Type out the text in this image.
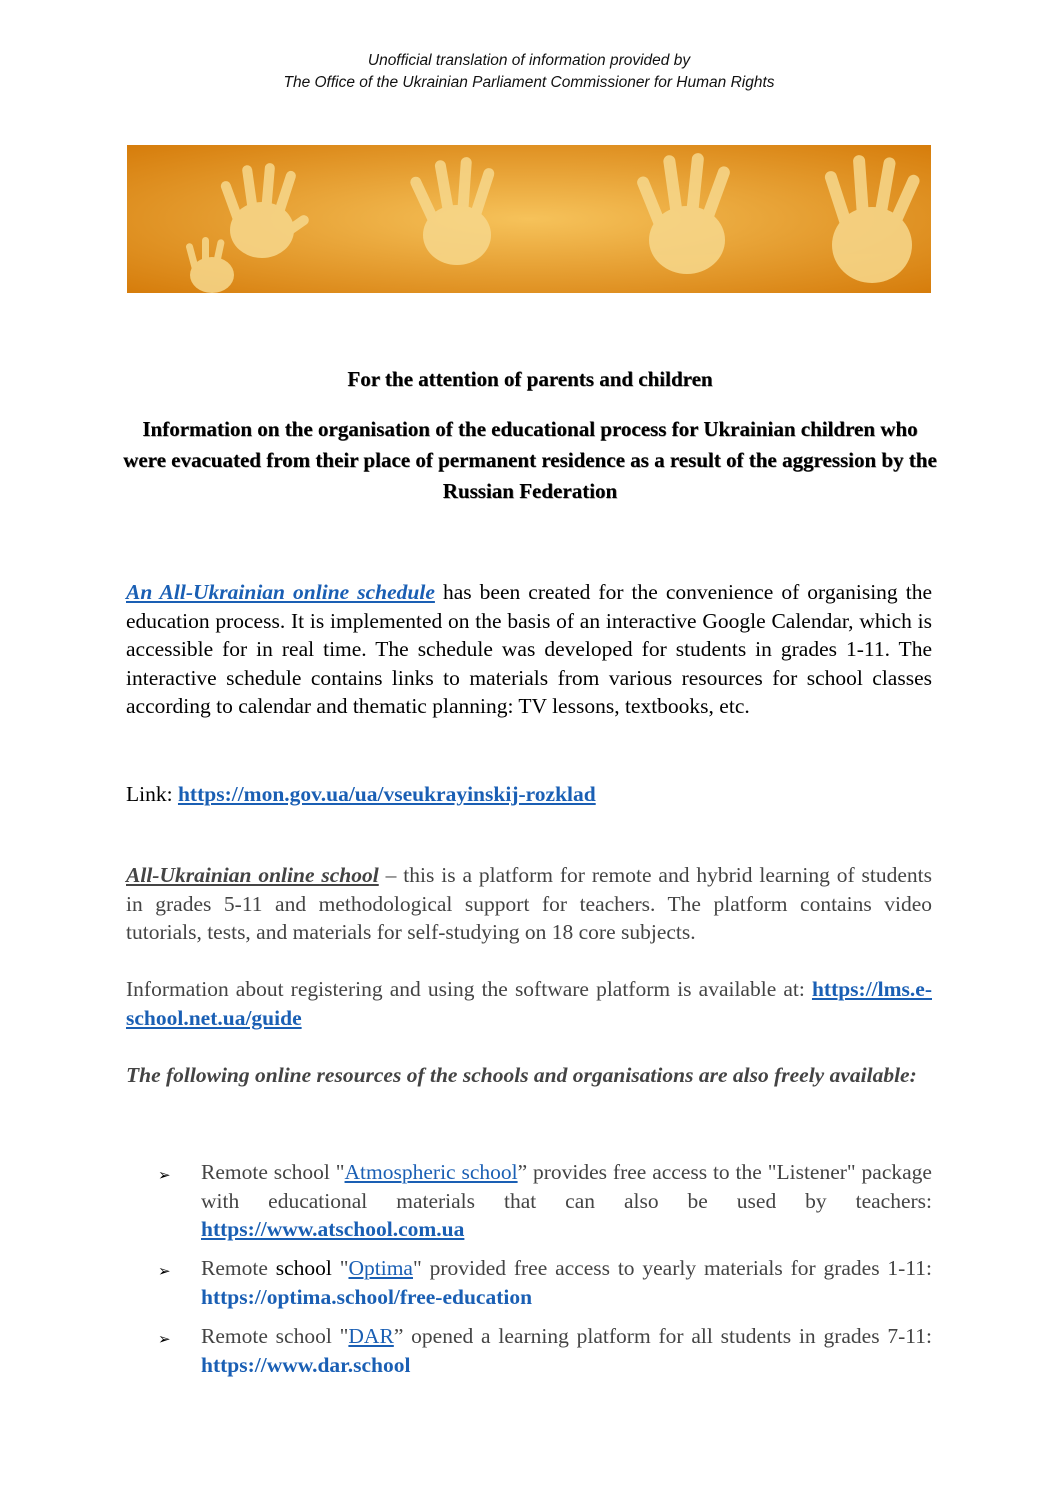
Unofficial translation of information provided by
The Office of the Ukrainian Parliament Commissioner for Human Rights
For the attention of parents and children
Information on the organisation of the educational process for Ukrainian children who were evacuated from their place of permanent residence as a result of the aggression by the Russian Federation
An All-Ukrainian online schedule has been created for the convenience of organising the education process. It is implemented on the basis of an interactive Google Calendar, which is accessible for in real time. The schedule was developed for students in grades 1-11. The interactive schedule contains links to materials from various resources for school classes according to calendar and thematic planning: TV lessons, textbooks, etc.
Link: https://mon.gov.ua/ua/vseukrayinskij-rozklad
All-Ukrainian online school – this is a platform for remote and hybrid learning of students in grades 5-11 and methodological support for teachers. The platform contains video tutorials, tests, and materials for self-studying on 18 core subjects.
Information about registering and using the software platform is available at: https://lms.e-school.net.ua/guide
The following online resources of the schools and organisations are also freely available:
➢ Remote school "Atmospheric school” provides free access to the "Listener" package with educational materials that can also be used by teachers: https://www.atschool.com.ua
➢ Remote school "Optima" provided free access to yearly materials for grades 1-11: https://optima.school/free-education
➢ Remote school "DAR” opened a learning platform for all students in grades 7-11: https://www.dar.school
